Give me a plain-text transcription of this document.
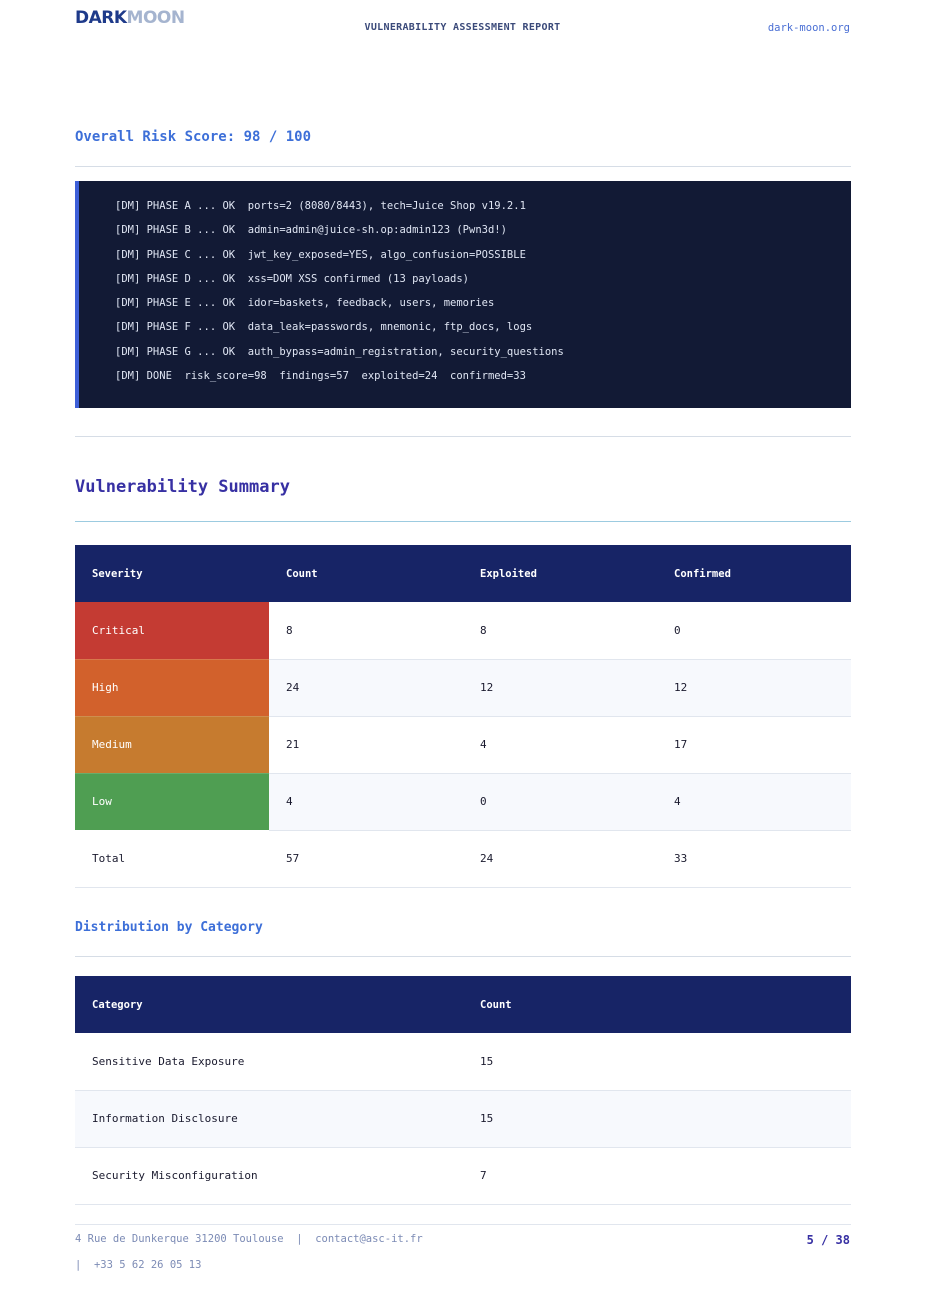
DARKMOON	VULNERABILITY ASSESSMENT REPORT	dark-moon.org
Overall Risk Score: 98 / 100
[DM] PHASE A ... OK  ports=2 (8080/8443), tech=Juice Shop v19.2.1
[DM] PHASE B ... OK  admin=admin@juice-sh.op:admin123 (Pwn3d!)
[DM] PHASE C ... OK  jwt_key_exposed=YES, algo_confusion=POSSIBLE
[DM] PHASE D ... OK  xss=DOM XSS confirmed (13 payloads)
[DM] PHASE E ... OK  idor=baskets, feedback, users, memories
[DM] PHASE F ... OK  data_leak=passwords, mnemonic, ftp_docs, logs
[DM] PHASE G ... OK  auth_bypass=admin_registration, security_questions
[DM] DONE  risk_score=98  findings=57  exploited=24  confirmed=33
Vulnerability Summary
Severity	Count	Exploited	Confirmed
Critical	8	8	0
High	24	12	12
Medium	21	4	17
Low	4	0	4
Total	57	24	33
Distribution by Category
Category	Count
Sensitive Data Exposure	15
Information Disclosure	15
Security Misconfiguration	7
4 Rue de Dunkerque 31200 Toulouse  |  contact@asc-it.fr
|  +33 5 62 26 05 13
5 / 38
